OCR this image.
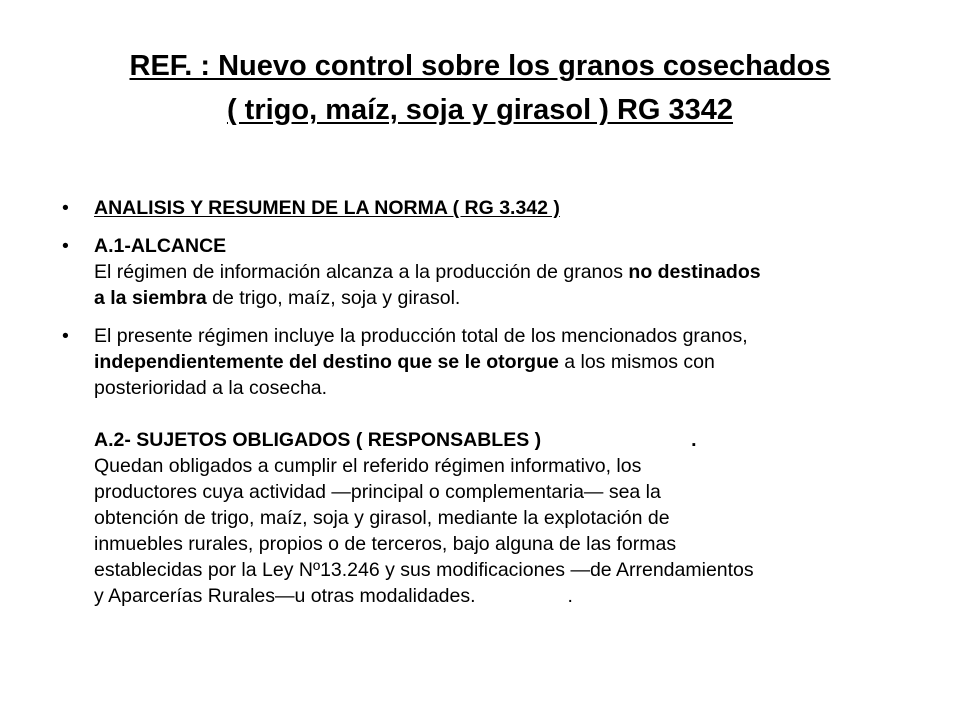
REF. : Nuevo control sobre los granos cosechados
( trigo, maíz, soja y girasol ) RG 3342
•	ANALISIS Y RESUMEN DE LA NORMA ( RG 3.342 )
•	A.1-ALCANCE
El régimen de información alcanza a la producción de granos no destinados
a la siembra de trigo, maíz, soja y girasol.
•	El presente régimen incluye la producción total de los mencionados granos,
independientemente del destino que se le otorgue a los mismos con
posterioridad a la cosecha.
A.2- SUJETOS OBLIGADOS ( RESPONSABLES )	.
Quedan obligados a cumplir el referido régimen informativo, los
productores cuya actividad —principal o complementaria— sea la
obtención de trigo, maíz, soja y girasol, mediante la explotación de
inmuebles rurales, propios o de terceros, bajo alguna de las formas
establecidas por la Ley Nº13.246 y sus modificaciones —de Arrendamientos
y Aparcerías Rurales—u otras modalidades.	.
